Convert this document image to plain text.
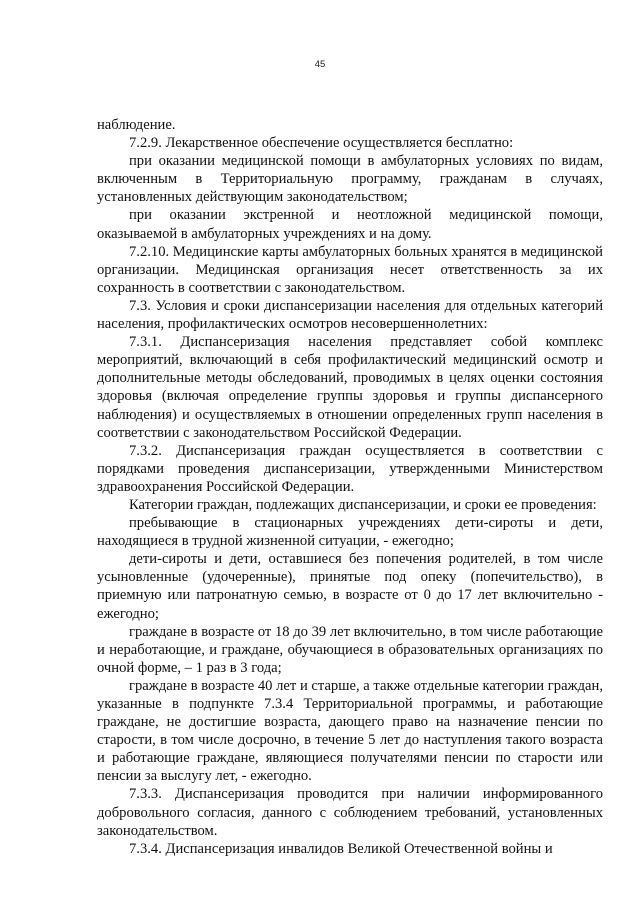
45

наблюдение.

7.2.9. Лекарственное обеспечение осуществляется бесплатно:

при оказании медицинской помощи в амбулаторных условиях по видам, включенным в Территориальную программу, гражданам в случаях, установленных действующим законодательством;

при оказании экстренной и неотложной медицинской помощи, оказываемой в амбулаторных учреждениях и на дому.

7.2.10. Медицинские карты амбулаторных больных хранятся в медицинской организации. Медицинская организация несет ответственность за их сохранность в соответствии с законодательством.

7.3. Условия и сроки диспансеризации населения для отдельных категорий населения, профилактических осмотров несовершеннолетних:

7.3.1. Диспансеризация населения представляет собой комплекс мероприятий, включающий в себя профилактический медицинский осмотр и дополнительные методы обследований, проводимых в целях оценки состояния здоровья (включая определение группы здоровья и группы диспансерного наблюдения) и осуществляемых в отношении определенных групп населения в соответствии с законодательством Российской Федерации.

7.3.2. Диспансеризация граждан осуществляется в соответствии с порядками проведения диспансеризации, утвержденными Министерством здравоохранения Российской Федерации.

Категории граждан, подлежащих диспансеризации, и сроки ее проведения:

пребывающие в стационарных учреждениях дети-сироты и дети, находящиеся в трудной жизненной ситуации, - ежегодно;

дети-сироты и дети, оставшиеся без попечения родителей, в том числе усыновленные (удочеренные), принятые под опеку (попечительство), в приемную или патронатную семью, в возрасте от 0 до 17 лет включительно - ежегодно;

граждане в возрасте от 18 до 39 лет включительно, в том числе работающие и неработающие, и граждане, обучающиеся в образовательных организациях по очной форме, – 1 раз в 3 года;

граждане в возрасте 40 лет и старше, а также отдельные категории граждан, указанные в подпункте 7.3.4 Территориальной программы, и работающие граждане, не достигшие возраста, дающего право на назначение пенсии по старости, в том числе досрочно, в течение 5 лет до наступления такого возраста и работающие граждане, являющиеся получателями пенсии по старости или пенсии за выслугу лет, - ежегодно.

7.3.3. Диспансеризация проводится при наличии информированного добровольного согласия, данного с соблюдением требований, установленных законодательством.

7.3.4. Диспансеризация инвалидов Великой Отечественной войны и
